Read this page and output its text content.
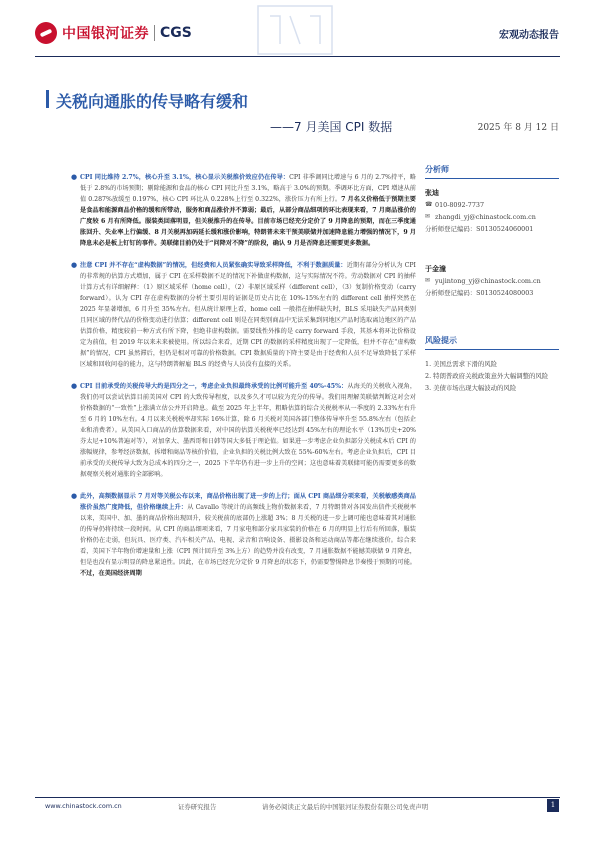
中国银河证券 CGS	宏观动态报告
关税向通胀的传导略有缓和
——7 月美国 CPI 数据	2025 年 8 月 12 日

● CPI 同比维持 2.7%，核心升至 3.1%，核心显示关税推价效应仍在传导：CPI 非季调同比增速与 6 月的 2.7%持平，略低于 2.8%的市场预期；剔除能源和食品的核心 CPI 同比升至 3.1%，略高于 3.0%的预期。季调环比方面，CPI 增速从前值 0.287%放缓至 0.197%，核心 CPI 环比从 0.228%上行至 0.322%，涨价压力有所上行。7 月名义价格低于预期主要是食品和能源商品价格的缓和所带动，服务和商品涨价并不算弱；最后，从部分商品细项的环比表现来看，7 月商品涨价的广度较 6 月有所降低。服装类回落明显，但关税推升的在传导。目前市场已经充分定价了 9 月降息的预期，而在三季度通胀回升、失业率上行偏缓、8 月关税再加码延长缓和涨价影响，特朗普未来干预美联储并加速降息能力增强的情况下，9 月降息未必是板上钉钉的事件。美联储目前仍处于“问降对不降”的阶段，确认 9 月是否降息还需要更多数据。

● 注意 CPI 并不存在“虚构数据”的情况，但经费和人员紧张确实导致采样降低，不利于数据质量：近期有部分分析认为 CPI 的非常规的估算方式增加，属于 CPI 在采样数据不足的情况下补做虚构数据，这与实际情况不符。劳动数据对 CPI 的抽样计算方式有详细解释：（1）原区域采样（home cell），（2）非原区域采样（different cell），（3）复制价格变动（carry forward）。认为 CPI 存在虚构数据的分析主要引用的证据是历史占比在 10%-15%左右的 different cell 抽样突然在 2025 年显著增加，6 月升至 35%左右。但从统计原理上看，home cell 一般指在抽样缺失时，BLS 采用缺失产品同类别且同区域的替代品的价格变动进行估算；different cell 则是在同类别商品中无法采集到同地区产品时选取离边地区的产品估算价格，精度较前一种方式有所下降，但绝非虚构数据。需要线性外推的是 carry forward 手段，其基本将环比价格设定为前值，但 2019 年以来未来被使用。所以综合来看，近期 CPI 的数据的采样精度出现了一定降低，但并不存在“虚构数据”的情况，CPI 虽然滞后，但仍是相对可靠的价格数据。CPI 数据质量的下降主要是由于经费和人员不足导致降低了采样区域和回收问卷的能力，这与特朗普解雇 BLS 的经费与人员没有直接的关系。

● CPI 目前承受的关税传导大约是四分之一，考虑企业负担最终承受的比例可能升至 40%-45%：从海关的关税收入视角，我们仍可以尝试估算目前美国对 CPI 的大致传导程度，以及多久才可以较为充分的传导。我们用理解美联储判断这对会对价格数据的“一致性”上涨满立估公并开启降息。截至 2025 年上半年，粗略估算的综合关税税率从一季度的 2.33%左右升至 6 月的 10%左右。4 月以来关税税率却实际 16%计算，除 6 月关税对美国各部门整体传导率升至 55.8%左右（包括企业和消费者）。从美国入口商品的估算数据来看，对中国的估算关税税率已经达到 45%左右的理论水平（13%历史+20%芬太尼+10%普遍对等），对加拿大、墨西哥和日韩等国大多低于理论值。如果进一步考虑企业负担部分关税成本后 CPI 的涨幅规律，参考经济数据，拆增和商品等核价价值，企业负担的关税比例大致在 55%-60%左右。考虑企业负担后，CPI 目前承受的关税传导大致为总成本的四分之一，2025 下半年仍有进一步上升的空间；这也意味着美联储可能仍需要更多的数据观察关税对通胀的全部影响。

● 此外，高频数据显示 7 月对等关税公布以来，商品价格出现了进一步的上行；面从 CPI 商品细分项来看，关税敏感类商品涨价虽然广度降低，但价格继续上升：从 Cavallo 等统计的高频线上物价数据来看，7 月特朗普对各国发出信件关税税率以来，美国中、加、墨的商品价格出现回升，较关税前的底部仍上涨超 3%；8 月关税的进一步上调可能也意味着其对通胀的传导仍将持续一段时间。从 CPI 的商品细项来看，7 月家电和部分家具家装的价格在 6 月的明显上行后有所回落，服装价格仍在走弱，但玩具、医疗类、汽车相关产品、电视、录音和音响设备、摄影设备和运动商品等都在继续涨价。综合来看，美国下半年物价增速量和上涨（CPI 预计回升至 3%上方）的趋势并没有改变，7 月通胀数据不能撼美联储 9 月降息，但是也没有显示明显的降息紧迫性。因此，在市场已经充分定价 9 月降息的状态下，仍需要警惕降息节奏慢于预期的可能。不过，在美国经济周期

分析师
张迪
☎ 010-8092-7737
✉ zhangdi_yj@chinastock.com.cn
分析师登记编码：S0130524060001
于金潼
✉ yujintong_yj@chinastock.com.cn
分析师登记编码：S0130524080003
风险提示
1. 美国总需求下滑的风险
2. 特朗普政府关税政策意外大幅调整的风险
3. 美债市场出现大幅波动的风险
www.chinastock.com.cn	证券研究报告	请务必阅读正文最后的中国银河证券股份有限公司免责声明	1
